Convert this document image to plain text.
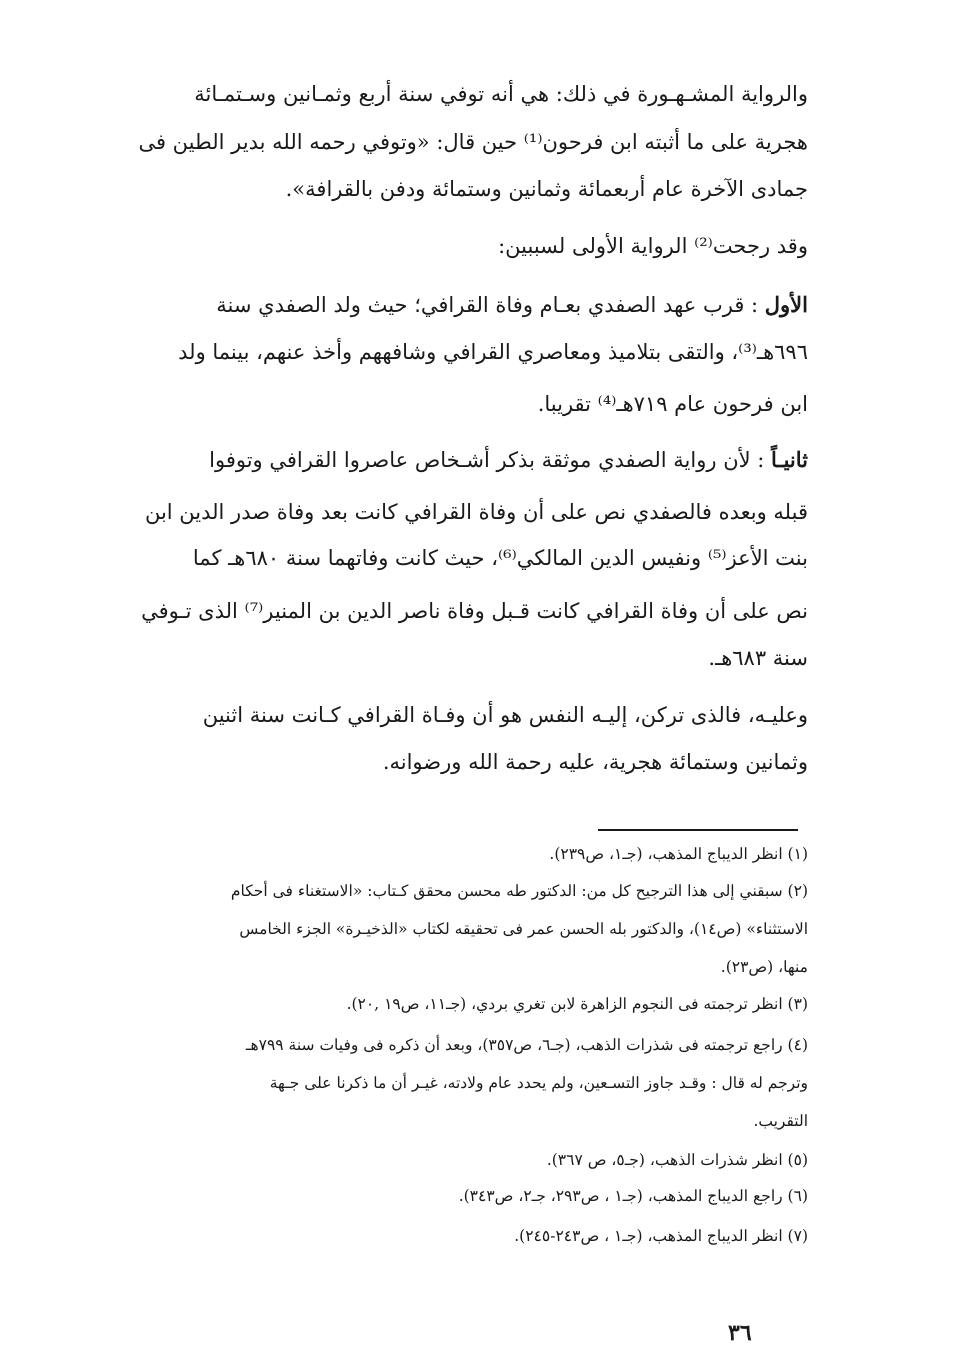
والرواية المشـهـورة في ذلك: هي أنه توفي سنة أربع وثمـانين وسـتمـائة
هجرية على ما أثبته ابن فرحون⁽¹⁾ حين قال: «وتوفي رحمه الله بدير الطين فى
جمادى الآخرة عام أربعمائة وثمانين وستمائة ودفن بالقرافة».
وقد رجحت⁽²⁾ الرواية الأولى لسببين:
الأول : قرب عهد الصفدي بعـام وفاة القرافي؛ حيث ولد الصفدي سنة
٦٩٦هـ⁽³⁾، والتقى بتلاميذ ومعاصري القرافي وشافههم وأخذ عنهم، بينما ولد
ابن فرحون عام ٧١٩هـ⁽⁴⁾ تقريبا.
ثانيـاً : لأن رواية الصفدي موثقة بذكر أشـخاص عاصروا القرافي وتوفوا
قبله وبعده فالصفدي نص على أن وفاة القرافي كانت بعد وفاة صدر الدين ابن
بنت الأعز⁽⁵⁾ ونفيس الدين المالكي⁽⁶⁾، حيث كانت وفاتهما سنة ٦٨٠هـ كما
نص على أن وفاة القرافي كانت قـبل وفاة ناصر الدين بن المنير⁽⁷⁾ الذى تـوفي
سنة ٦٨٣هـ.
وعليـه، فالذى تركن، إليـه النفس هو أن وفـاة القرافي كـانت سنة اثنين
وثمانين وستمائة هجرية، عليه رحمة الله ورضوانه.
(١) انظر الديباج المذهب، (جـ١، ص٢٣٩).
(٢) سبقني إلى هذا الترجيح كل من: الدكتور طه محسن محقق كـتاب: «الاستغناء فى أحكام
الاستثناء» (ص١٤)، والدكتور بله الحسن عمر فى تحقيقه لكتاب «الذخيـرة» الجزء الخامس
منها، (ص٢٣).
(٣) انظر ترجمته فى النجوم الزاهرة لابن تغري بردي، (جـ١١، ص١٩ ,٢٠).
(٤) راجع ترجمته فى شذرات الذهب، (جـ٦، ص٣٥٧)، وبعد أن ذكره فى وفيات سنة ٧٩٩هـ
وترجم له قال : وقـد جاوز التسـعين، ولم يحدد عام ولادته، غيـر أن ما ذكرنا على جـهة
التقريب.
(٥) انظر شذرات الذهب، (جـ٥، ص ٣٦٧).
(٦) راجع الديباج المذهب، (جـ١ ، ص٢٩٣، جـ٢، ص٣٤٣).
(٧) انظر الديباج المذهب، (جـ١ ، ص٢٤٣-٢٤٥).
٣٦
